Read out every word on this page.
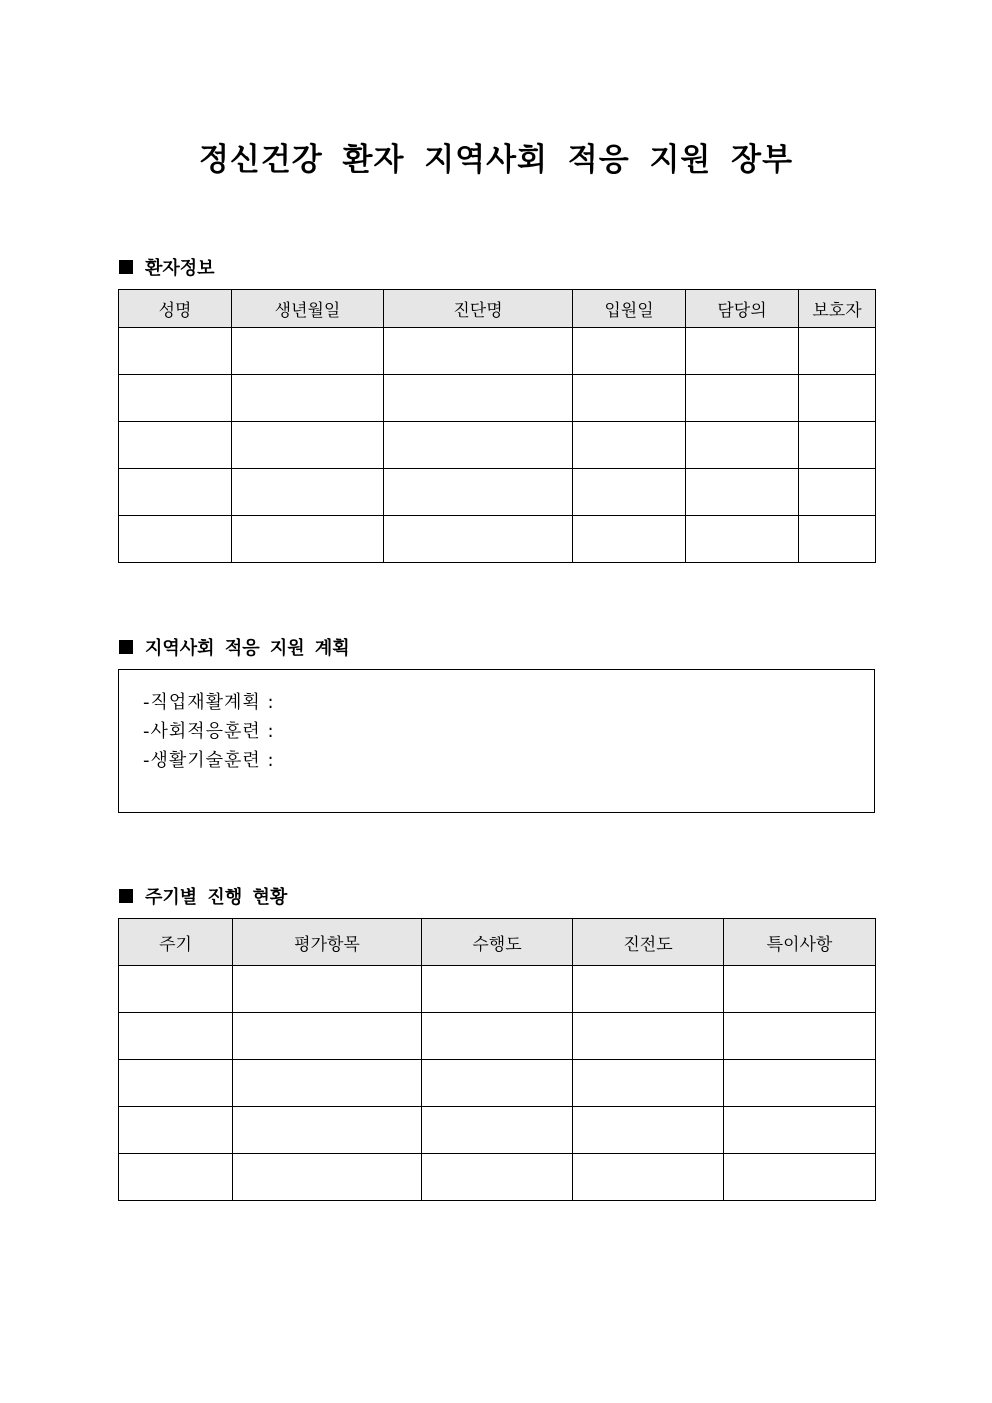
정신건강 환자 지역사회 적응 지원 장부
환자정보
성명	생년월일	진단명	입원일	담당의	보호자

지역사회 적응 지원 계획
-직업재활계획 :
-사회적응훈련 :
-생활기술훈련 :
주기별 진행 현황
주기	평가항목	수행도	진전도	특이사항
